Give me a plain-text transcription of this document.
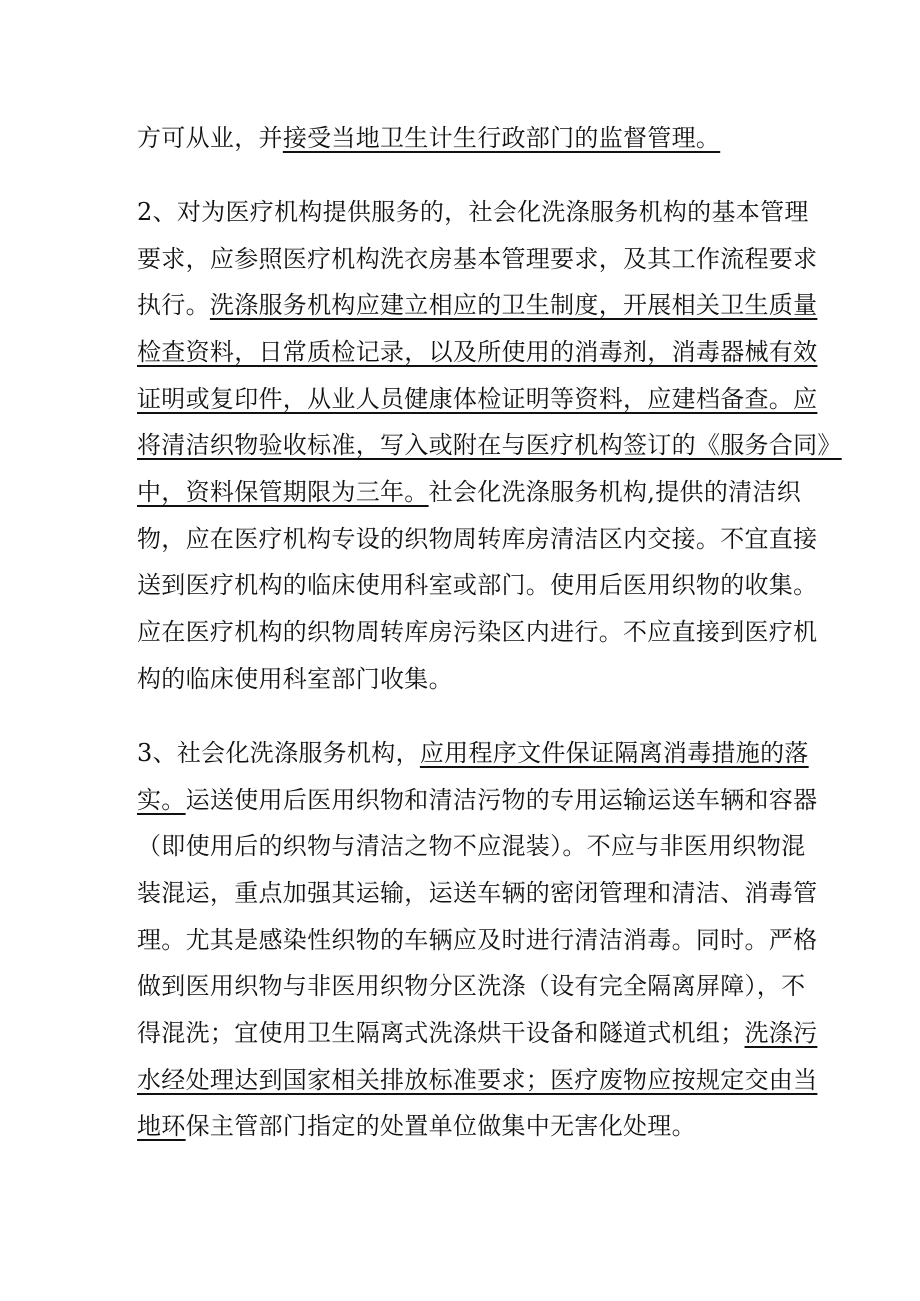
方可从业，并接受当地卫生计生行政部门的监督管理。
2、对为医疗机构提供服务的，社会化洗涤服务机构的基本管理
要求，应参照医疗机构洗衣房基本管理要求，及其工作流程要求
执行。洗涤服务机构应建立相应的卫生制度，开展相关卫生质量
检查资料，日常质检记录，以及所使用的消毒剂，消毒器械有效
证明或复印件，从业人员健康体检证明等资料，应建档备查。应
将清洁织物验收标准，写入或附在与医疗机构签订的《服务合同》
中，资料保管期限为三年。社会化洗涤服务机构,提供的清洁织
物，应在医疗机构专设的织物周转库房清洁区内交接。不宜直接
送到医疗机构的临床使用科室或部门。使用后医用织物的收集。
应在医疗机构的织物周转库房污染区内进行。不应直接到医疗机
构的临床使用科室部门收集。
3、社会化洗涤服务机构，应用程序文件保证隔离消毒措施的落
实。运送使用后医用织物和清洁污物的专用运输运送车辆和容器
（即使用后的织物与清洁之物不应混装）。不应与非医用织物混
装混运，重点加强其运输，运送车辆的密闭管理和清洁、消毒管
理。尤其是感染性织物的车辆应及时进行清洁消毒。同时。严格
做到医用织物与非医用织物分区洗涤（设有完全隔离屏障），不
得混洗；宜使用卫生隔离式洗涤烘干设备和隧道式机组；洗涤污
水经处理达到国家相关排放标准要求；医疗废物应按规定交由当
地环保主管部门指定的处置单位做集中无害化处理。
